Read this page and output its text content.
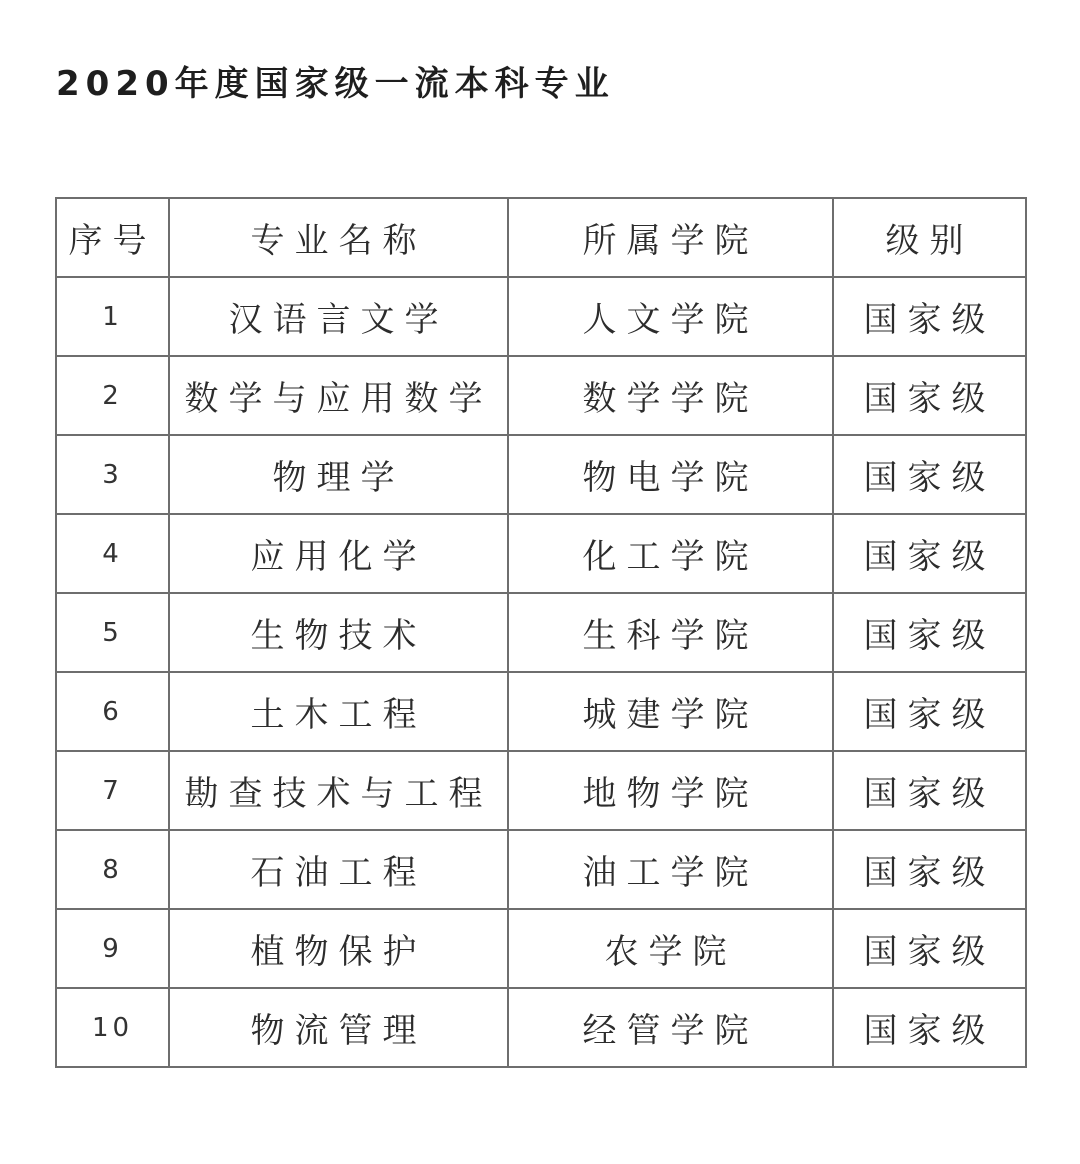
2020年度国家级一流本科专业
序号	专业名称	所属学院	级别
1	汉语言文学	人文学院	国家级
2	数学与应用数学	数学学院	国家级
3	物理学	物电学院	国家级
4	应用化学	化工学院	国家级
5	生物技术	生科学院	国家级
6	土木工程	城建学院	国家级
7	勘查技术与工程	地物学院	国家级
8	石油工程	油工学院	国家级
9	植物保护	农学院	国家级
10	物流管理	经管学院	国家级
